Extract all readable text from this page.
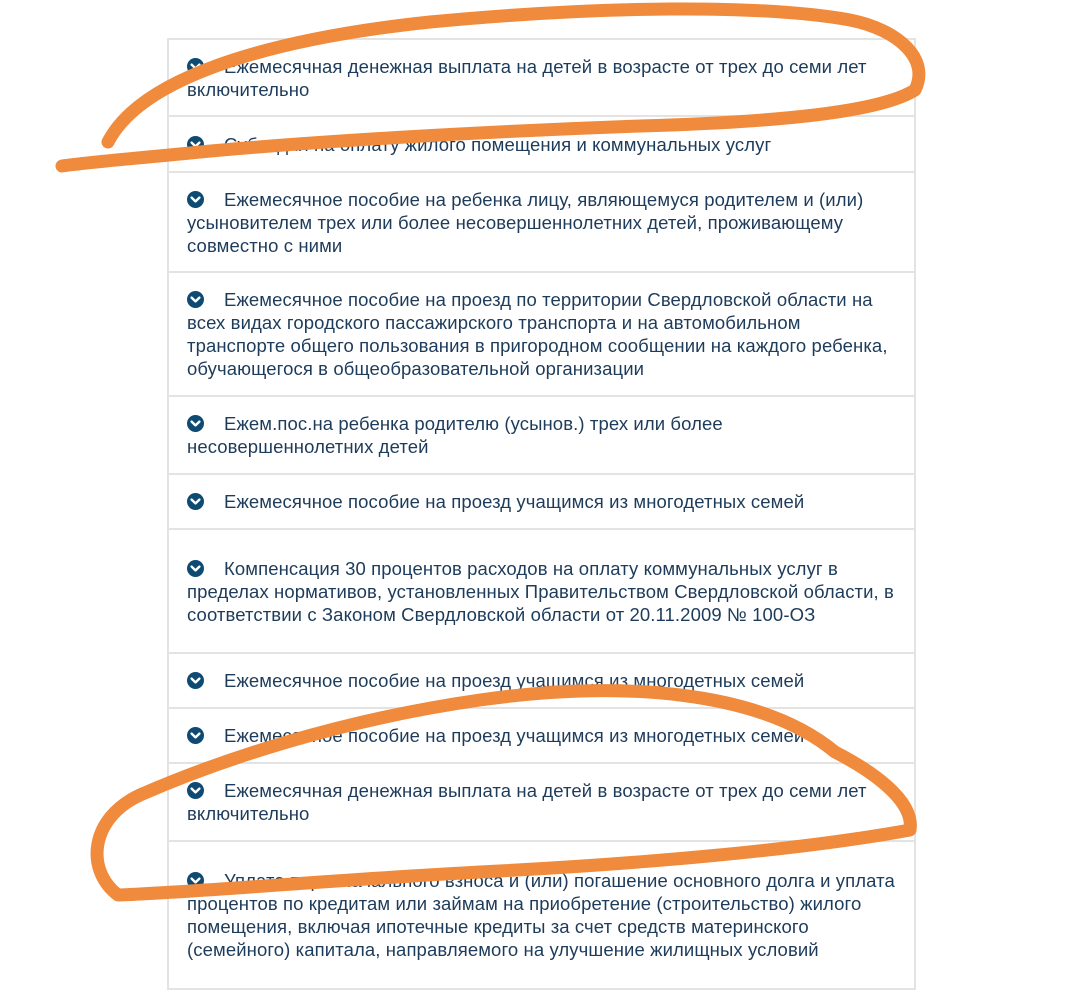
Ежемесячная денежная выплата на детей в возрасте от трех до семи лет включительно
Субсидия на оплату жилого помещения и коммунальных услуг
Ежемесячное пособие на ребенка лицу, являющемуся родителем и (или) усыновителем трех или более несовершеннолетних детей, проживающему совместно с ними
Ежемесячное пособие на проезд по территории Свердловской области на всех видах городского пассажирского транспорта и на автомобильном транспорте общего пользования в пригородном сообщении на каждого ребенка, обучающегося в общеобразовательной организации
Ежем.пос.на ребенка родителю (усынов.) трех или более несовершеннолетних детей
Ежемесячное пособие на проезд учащимся из многодетных семей
Компенсация 30 процентов расходов на оплату коммунальных услуг в пределах нормативов, установленных Правительством Свердловской области, в соответствии с Законом Свердловской области от 20.11.2009 № 100-ОЗ
Ежемесячное пособие на проезд учащимся из многодетных семей
Ежемесячное пособие на проезд учащимся из многодетных семей
Ежемесячная денежная выплата на детей в возрасте от трех до семи лет включительно
Уплата первоначального взноса и (или) погашение основного долга и уплата процентов по кредитам или займам на приобретение (строительство) жилого помещения, включая ипотечные кредиты за счет средств материнского (семейного) капитала, направляемого на улучшение жилищных условий
